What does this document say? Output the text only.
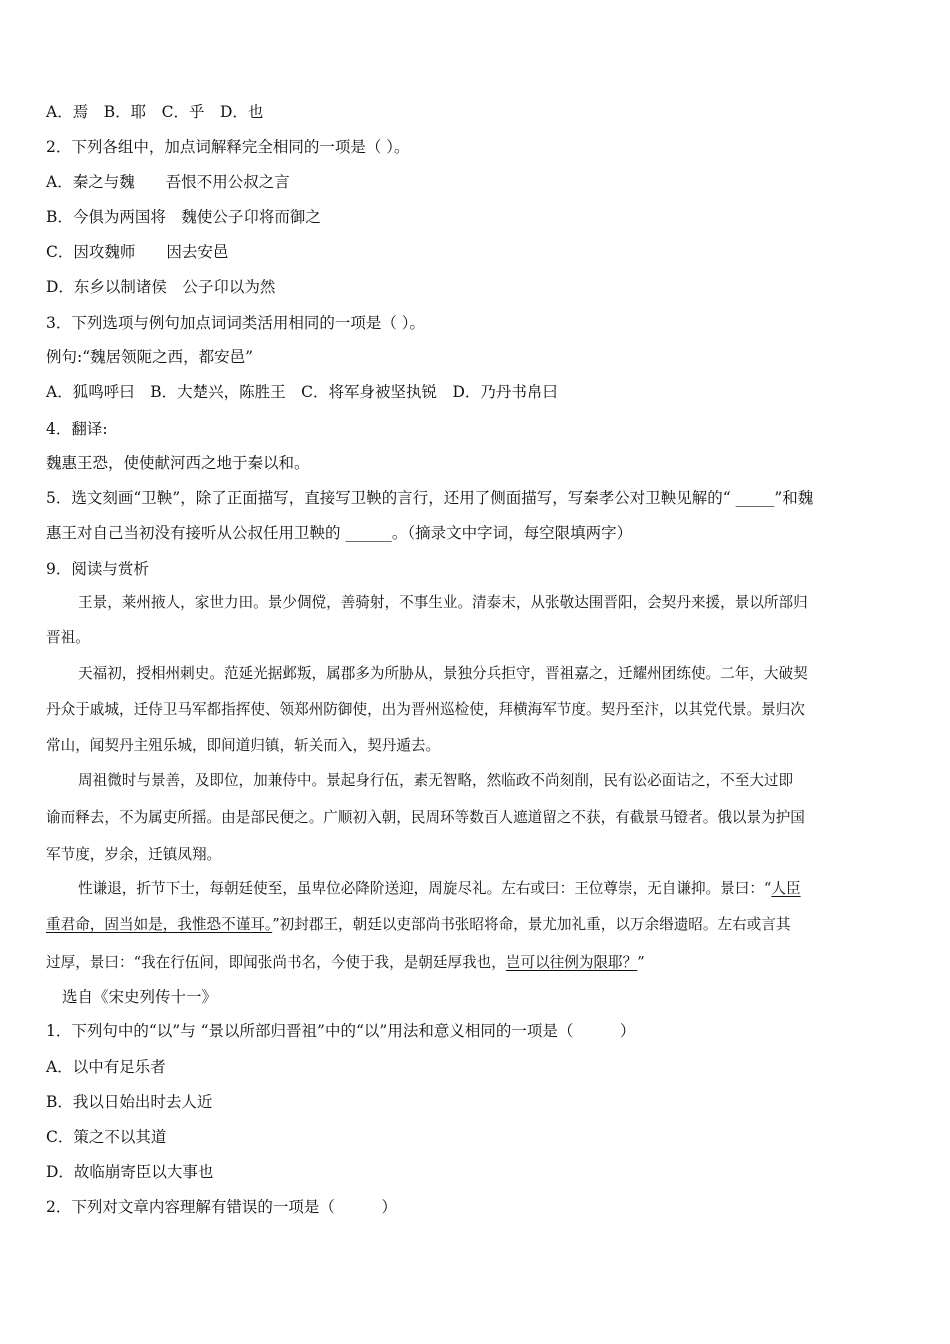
A．焉　B．耶　C．乎　D．也
2．下列各组中，加点词解释完全相同的一项是（ ）。
A．秦之与魏　　吾恨不用公叔之言
B．今俱为两国将　魏使公子卬将而御之
C．因攻魏师　　因去安邑
D．东乡以制诸侯　公子卬以为然
3．下列选项与例句加点词词类活用相同的一项是（ ）。
例句:“魏居领阨之西，都安邑”
A．狐鸣呼曰　B．大楚兴，陈胜王　C．将军身被坚执锐　D．乃丹书帛曰
4．翻译:
魏惠王恐，使使献河西之地于秦以和。
5．选文刻画“卫鞅”，除了正面描写，直接写卫鞅的言行，还用了侧面描写，写秦孝公对卫鞅见解的“ _____”和魏
惠王对自己当初没有接听从公叔任用卫鞅的 ______。（摘录文中字词，每空限填两字）
9．阅读与赏析
王景，莱州掖人，家世力田。景少倜傥，善骑射，不事生业。清泰末，从张敬达围晋阳，会契丹来援，景以所部归
晋祖。
天福初，授相州刺史。范延光据邺叛，属郡多为所胁从，景独分兵拒守，晋祖嘉之，迁耀州团练使。二年，大破契
丹众于戚城，迁侍卫马军都指挥使、领郑州防御使，出为晋州巡检使，拜横海军节度。契丹至汴，以其党代景。景归次
常山，闻契丹主殂乐城，即间道归镇，斩关而入，契丹遁去。
周祖微时与景善，及即位，加兼侍中。景起身行伍，素无智略，然临政不尚刻削，民有讼必面诘之，不至大过即
谕而释去，不为属吏所摇。由是部民便之。广顺初入朝，民周环等数百人遮道留之不获，有截景马镫者。俄以景为护国
军节度，岁余，迁镇凤翔。
性谦退，折节下士，每朝廷使至，虽卑位必降阶送迎，周旋尽礼。左右或曰：王位尊崇，无自谦抑。景曰：“人臣
重君命，固当如是，我惟恐不谨耳。”初封郡王，朝廷以吏部尚书张昭将命，景尤加礼重，以万余缗遗昭。左右或言其
过厚，景曰：“我在行伍间，即闻张尚书名，今使于我，是朝廷厚我也，岂可以往例为限耶？”
选自《宋史列传十一》
1．下列句中的“以”与 “景以所部归晋祖”中的“以”用法和意义相同的一项是（　　　）
A．以中有足乐者
B．我以日始出时去人近
C．策之不以其道
D．故临崩寄臣以大事也
2．下列对文章内容理解有错误的一项是（　　　）
